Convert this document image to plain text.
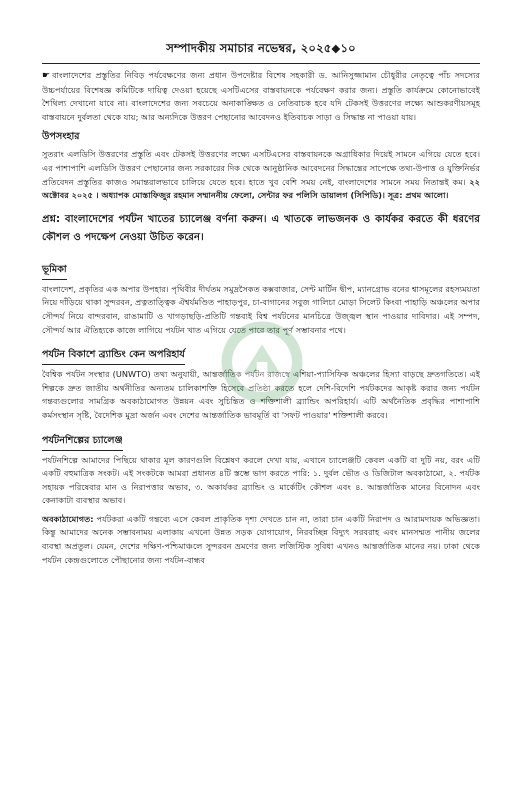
সম্পাদকীয় সমাচার নভেম্বর, ২০২৫◆১০

☛ বাংলাদেশের প্রস্তুতির নিবিড় পর্যবেক্ষণের জন্য প্রধান উপদেষ্টার বিশেষ সহকারী ড. আনিসুজ্জামান চৌধুরীর নেতৃত্বে পাঁচ সদস্যের উচ্চপর্যায়ের বিশেষজ্ঞ কমিটিকে দায়িত্ব দেওয়া হয়েছে এসটিএসের বাস্তবায়নকে পর্যবেক্ষণ করার জন্য। প্রস্তুতি কার্যক্রমে কোনোভাবেই শৈথিল্য দেখানো যাবে না। বাংলাদেশের জন্য সবচেয়ে অনাকাঙ্ক্ষিত ও নেতিবাচক হবে যদি টেকসই উত্তরণের লক্ষ্যে আশুকরণীয়সমূহ বাস্তবায়নে দুর্বলতা থেকে যায়; আর অন্যদিকে উত্তরণ পেছানোর আবেদনও ইতিবাচক সাড়া ও সিদ্ধান্ত না পাওয়া যায়।

উপসংহার

সুতরাং এলডিসি উত্তরণের প্রস্তুতি এবং টেকসই উত্তরণের লক্ষ্যে এসটিএসের বাস্তবায়নকে অগ্রাধিকার দিয়েই সামনে এগিয়ে যেতে হবে। এর পাশাপাশি এলডিসি উত্তরণ পেছানোর জন্য সরকারের দিক থেকে আনুষ্ঠানিক আবেদনের সিদ্ধান্তের সাপেক্ষে তথ্য-উপাত্ত ও যুক্তিনির্ভর প্রতিবেদন প্রস্তুতির কাজও সমান্তরালভাবে চালিয়ে যেতে হবে। হাতে খুব বেশি সময় নেই, বাংলাদেশের সামনে সময় নিতান্তই কম। ২২ অক্টোবর ২০২৫ । অধ্যাপক মোস্তাফিজুর রহমান সম্মাননীয় ফেলো, সেন্টার ফর পলিসি ডায়ালগ (সিপিডি)। সূত্র: প্রথম আলো।

প্রশ্ন: বাংলাদেশের পর্যটন খাতের চ্যালেঞ্জ বর্ণনা করুন। এ খাতকে লাভজনক ও কার্যকর করতে কী ধরণের কৌশল ও পদক্ষেপ নেওয়া উচিত করেন।
ভূমিকা

বাংলাদেশ, প্রকৃতির এক অপার উপহার। পৃথিবীর দীর্ঘতম সমুদ্রসৈকত কক্সবাজার, সেন্ট মার্টিন দ্বীপ, ম্যানগ্রোভ বনের শ্বাসমূলের রহস্যময়তা নিয়ে দাঁড়িয়ে থাকা সুন্দরবন, প্রত্নতাত্ত্বিক ঐশ্বর্যমণ্ডিত পাহাড়পুর, চা-বাগানের সবুজ গালিচা মোড়া সিলেট কিংবা পাহাড়ি অঞ্চলের অপার সৌন্দর্য নিয়ে বান্দরবান, রাঙামাটি ও খাগড়াছড়ি-প্রতিটি গন্তব্যই বিশ্ব পর্যটনের মানচিত্রে উজ্জ্বল স্থান পাওয়ার দাবিদার। এই সম্পদ, সৌন্দর্য আর ঐতিহ্যকে কাজে লাগিয়ে পর্যটন খাত এগিয়ে যেতে পারে তার পূর্ণ সম্ভাবনার পথে।

পর্যটন বিকাশে ব্র্যান্ডিং কেন অপরিহার্য

বৈশ্বিক পর্যটন সংস্থার (UNWTO) তথ্য অনুযায়ী, আন্তর্জাতিক পর্যটন রাজস্বে এশিয়া-প্যাসিফিক অঞ্চলের হিস্যা বাড়ছে দ্রুতগতিতে। এই শিল্পকে দ্রুত জাতীয় অর্থনীতির অন্যতম চালিকাশক্তি হিসেবে প্রতিষ্ঠা করতে হলে দেশি-বিদেশি পর্যটকদের আকৃষ্ট করার জন্য পর্যটন গন্তব্যগুলোর সামগ্রিক অবকাঠামোগত উন্নয়ন এবং সুচিন্তিত ও শক্তিশালী ব্র্যান্ডিং অপরিহার্য। এটি অর্থনৈতিক প্রবৃদ্ধির পাশাপাশি কর্মসংস্থান সৃষ্টি, বৈদেশিক মুদ্রা অর্জন এবং দেশের আন্তর্জাতিক ভাবমূর্তি বা 'সফট পাওয়ার' শক্তিশালী করবে।

পর্যটনশিল্পের চ্যালেঞ্জ

পর্যটনশিল্পে আমাদের পিছিয়ে থাকার মূল কারণগুলি বিশ্লেষণ করলে দেখা যায়, এখানে চ্যালেঞ্জটি কেবল একটি বা দুটি নয়, বরং এটি একটি বহুমাত্রিক সংকট। এই সংকটকে আমরা প্রধানত ৪টি স্তম্ভে ভাগ করতে পারি: ১. দুর্বল ভৌত ও ডিজিটাল অবকাঠামো, ২. পর্যটক সহায়ক পরিষেবার মান ও নিরাপত্তার অভাব, ৩. অকার্যকর ব্র্যান্ডিং ও মার্কেটিং কৌশল এবং ৪. আন্তর্জাতিক মানের বিনোদন এবং কেনাকাটা ব্যবস্থার অভাব।

অবকাঠামোগত: পর্যটকরা একটি গন্তব্যে এসে কেবল প্রাকৃতিক দৃশ্য দেখতে চান না, তারা চান একটি নিরাপদ ও আরামদায়ক অভিজ্ঞতা। কিন্তু আমাদের অনেক সম্ভাবনাময় এলাকায় এখনো উন্নত সড়ক যোগাযোগ, নিরবচ্ছিন্ন বিদ্যুৎ সরবরাহ এবং মানসম্মত পানীয় জলের ব্যবস্থা অপ্রতুল। যেমন, দেশের দক্ষিণ-পশ্চিমাঞ্চলে সুন্দরবন ভ্রমণের জন্য লজিস্টিক সুবিধা এখনও আন্তর্জাতিক মানের নয়। ঢাকা থেকে পর্যটন কেন্দ্রগুলোতে পৌছানোর জন্য পর্যটন-বান্ধব
